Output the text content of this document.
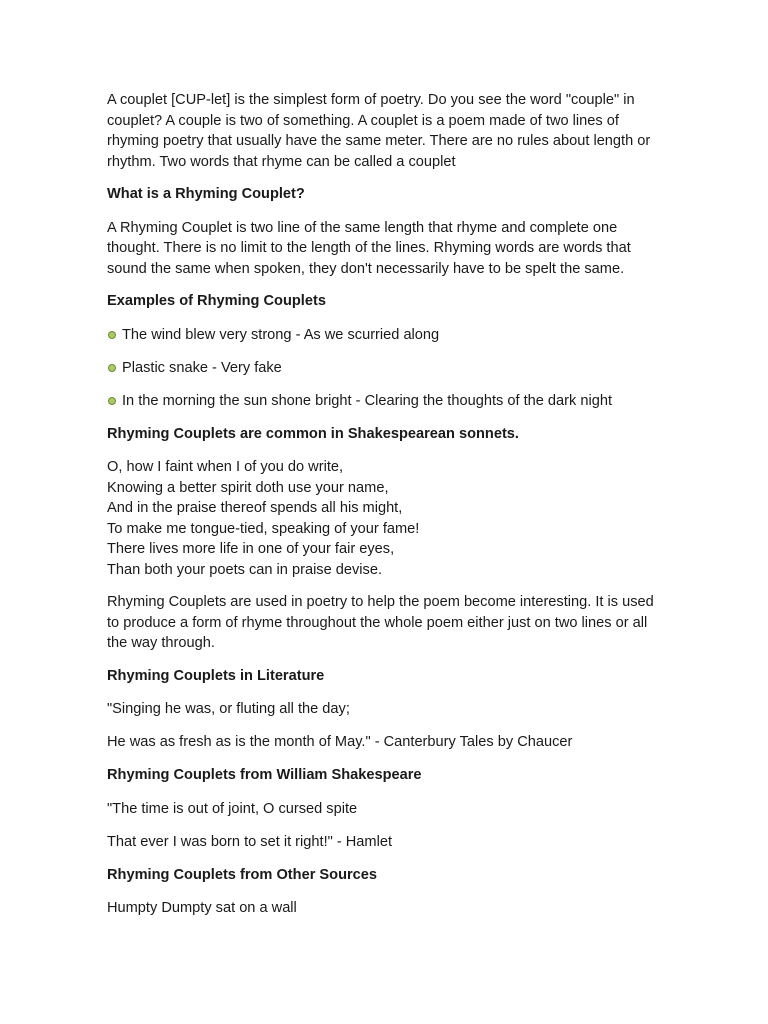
A couplet [CUP-let] is the simplest form of poetry. Do you see the word "couple" in couplet? A couple is two of something. A couplet is a poem made of two lines of rhyming poetry that usually have the same meter. There are no rules about length or rhythm. Two words that rhyme can be called a couplet

What is a Rhyming Couplet?

A Rhyming Couplet is two line of the same length that rhyme and complete one thought. There is no limit to the length of the lines. Rhyming words are words that sound the same when spoken, they don't necessarily have to be spelt the same.

Examples of Rhyming Couplets

The wind blew very strong - As we scurried along
Plastic snake - Very fake
In the morning the sun shone bright - Clearing the thoughts of the dark night

Rhyming Couplets are common in Shakespearean sonnets.

O, how I faint when I of you do write,
Knowing a better spirit doth use your name,
And in the praise thereof spends all his might,
To make me tongue-tied, speaking of your fame!
There lives more life in one of your fair eyes,
Than both your poets can in praise devise.

Rhyming Couplets are used in poetry to help the poem become interesting. It is used to produce a form of rhyme throughout the whole poem either just on two lines or all the way through.

Rhyming Couplets in Literature

"Singing he was, or fluting all the day;

He was as fresh as is the month of May." - Canterbury Tales by Chaucer

Rhyming Couplets from William Shakespeare

"The time is out of joint, O cursed spite

That ever I was born to set it right!" - Hamlet

Rhyming Couplets from Other Sources

Humpty Dumpty sat on a wall
